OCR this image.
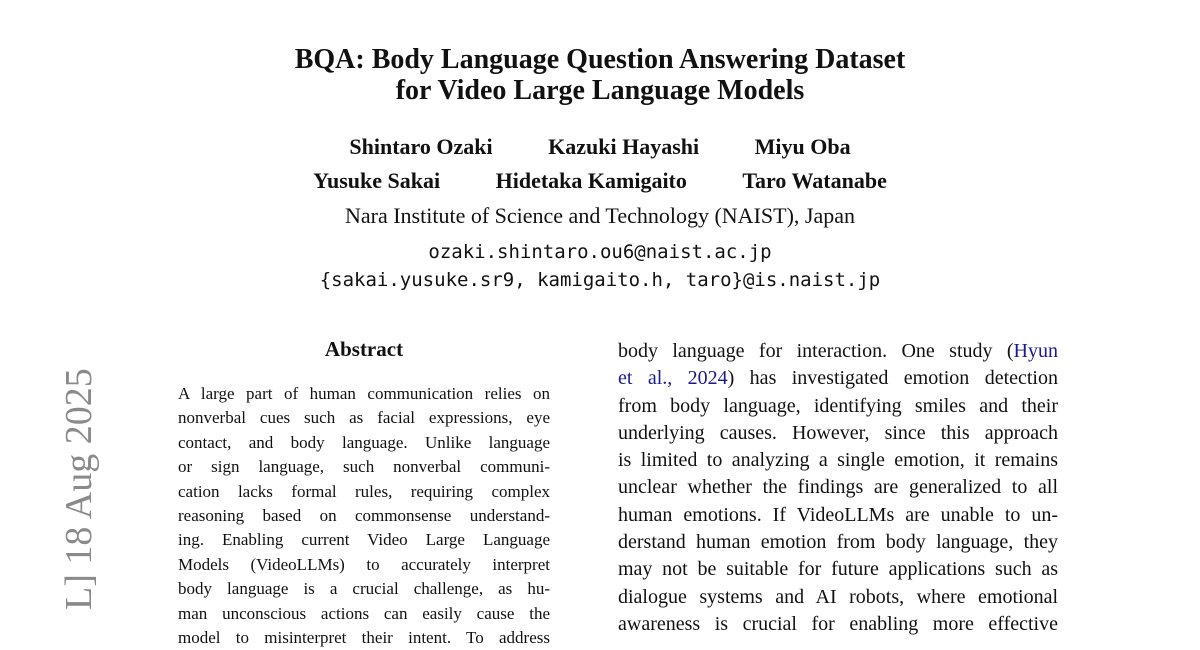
BQA: Body Language Question Answering Dataset
for Video Large Language Models
Shintaro Ozaki	Kazuki Hayashi	Miyu Oba
Yusuke Sakai	Hidetaka Kamigaito	Taro Watanabe
Nara Institute of Science and Technology (NAIST), Japan
ozaki.shintaro.ou6@naist.ac.jp
{sakai.yusuke.sr9, kamigaito.h, taro}@is.naist.jp
Abstract
A large part of human communication relies on
nonverbal cues such as facial expressions, eye
contact, and body language. Unlike language
or sign language, such nonverbal communi-
cation lacks formal rules, requiring complex
reasoning based on commonsense understand-
ing. Enabling current Video Large Language
Models (VideoLLMs) to accurately interpret
body language is a crucial challenge, as hu-
man unconscious actions can easily cause the
model to misinterpret their intent. To address
body language for interaction. One study (Hyun
et al., 2024) has investigated emotion detection
from body language, identifying smiles and their
underlying causes. However, since this approach
is limited to analyzing a single emotion, it remains
unclear whether the findings are generalized to all
human emotions. If VideoLLMs are unable to un-
derstand human emotion from body language, they
may not be suitable for future applications such as
dialogue systems and AI robots, where emotional
awareness is crucial for enabling more effective
L] 18 Aug 2025
